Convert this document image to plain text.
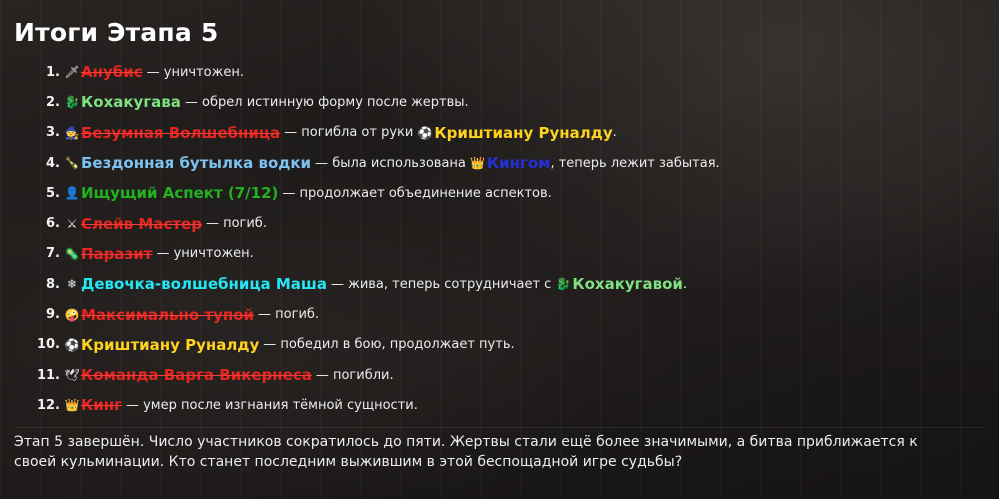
Итоги Этапа 5
1. 🗡 Анубис — уничтожен.
2. 🐉 Кохакугава — обрел истинную форму после жертвы.
3. 🧙 Безумная Волшебница — погибла от руки ⚽ Криштиану Руналду .
4. 🍾 Бездонная бутылка водки — была использована 👑 Кингом , теперь лежит забытая.
5. 👤 Ищущий Аспект (7/12) — продолжает объединение аспектов.
6. ⚔ Слейв Мастер — погиб.
7. 🦠 Паразит — уничтожен.
8. ❄ Девочка-волшебница Маша — жива, теперь сотрудничает с 🐉 Кохакугавой .
9. 🤪 Максимально тупой — погиб.
10. ⚽ Криштиану Руналду — победил в бою, продолжает путь.
11. 🕊 Команда Варга Викернеса — погибли.
12. 👑 Кинг — умер после изгнания тёмной сущности.

Этап 5 завершён. Число участников сократилось до пяти. Жертвы стали ещё более значимыми, а битва приближается к своей кульминации. Кто станет последним выжившим в этой беспощадной игре судьбы?
